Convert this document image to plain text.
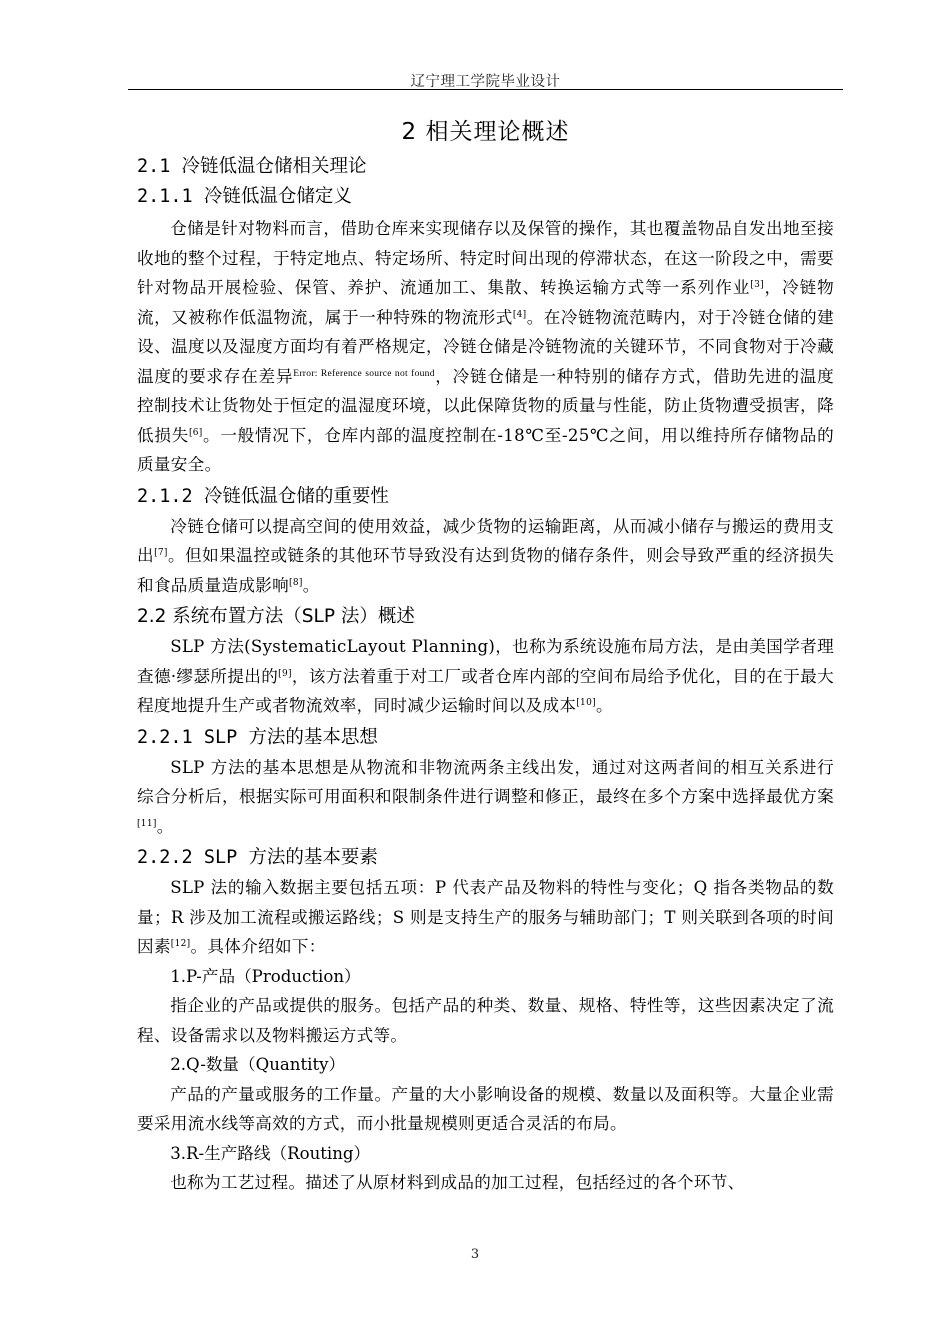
辽宁理工学院毕业设计
2 相关理论概述
2.1 冷链低温仓储相关理论
2.1.1 冷链低温仓储定义

仓储是针对物料而言，借助仓库来实现储存以及保管的操作，其也覆盖物品自发出地至接收地的整个过程，于特定地点、特定场所、特定时间出现的停滞状态，在这一阶段之中，需要针对物品开展检验、保管、养护、流通加工、集散、转换运输方式等一系列作业[3]，冷链物流，又被称作低温物流，属于一种特殊的物流形式[4]。在冷链物流范畴内，对于冷链仓储的建设、温度以及湿度方面均有着严格规定，冷链仓储是冷链物流的关键环节，不同食物对于冷藏温度的要求存在差异$^{Error: Reference source not found}$，冷链仓储是一种特别的储存方式，借助先进的温度控制技术让货物处于恒定的温湿度环境，以此保障货物的质量与性能，防止货物遭受损害，降低损失[6]。一般情况下，仓库内部的温度控制在-18℃至-25℃之间，用以维持所存储物品的质量安全。

2.1.2 冷链低温仓储的重要性

冷链仓储可以提高空间的使用效益，减少货物的运输距离，从而减小储存与搬运的费用支出[7]。但如果温控或链条的其他环节导致没有达到货物的储存条件，则会导致严重的经济损失和食品质量造成影响[8]。

2.2 系统布置方法（SLP 法）概述

SLP 方法(SystematicLayout Planning)，也称为系统设施布局方法，是由美国学者理查德·缪瑟所提出的[9]，该方法着重于对工厂或者仓库内部的空间布局给予优化，目的在于最大程度地提升生产或者物流效率，同时减少运输时间以及成本[10]。

2.2.1 SLP 方法的基本思想

SLP 方法的基本思想是从物流和非物流两条主线出发，通过对这两者间的相互关系进行综合分析后，根据实际可用面积和限制条件进行调整和修正，最终在多个方案中选择最优方案[11]。

2.2.2 SLP 方法的基本要素

SLP 法的输入数据主要包括五项：P 代表产品及物料的特性与变化；Q 指各类物品的数量；R 涉及加工流程或搬运路线；S 则是支持生产的服务与辅助部门；T 则关联到各项的时间因素[12]。具体介绍如下：

1.P-产品（Production）

指企业的产品或提供的服务。包括产品的种类、数量、规格、特性等，这些因素决定了流程、设备需求以及物料搬运方式等。

2.Q-数量（Quantity）

产品的产量或服务的工作量。产量的大小影响设备的规模、数量以及面积等。大量企业需要采用流水线等高效的方式，而小批量规模则更适合灵活的布局。

3.R-生产路线（Routing）

也称为工艺过程。描述了从原材料到成品的加工过程，包括经过的各个环节、

3
